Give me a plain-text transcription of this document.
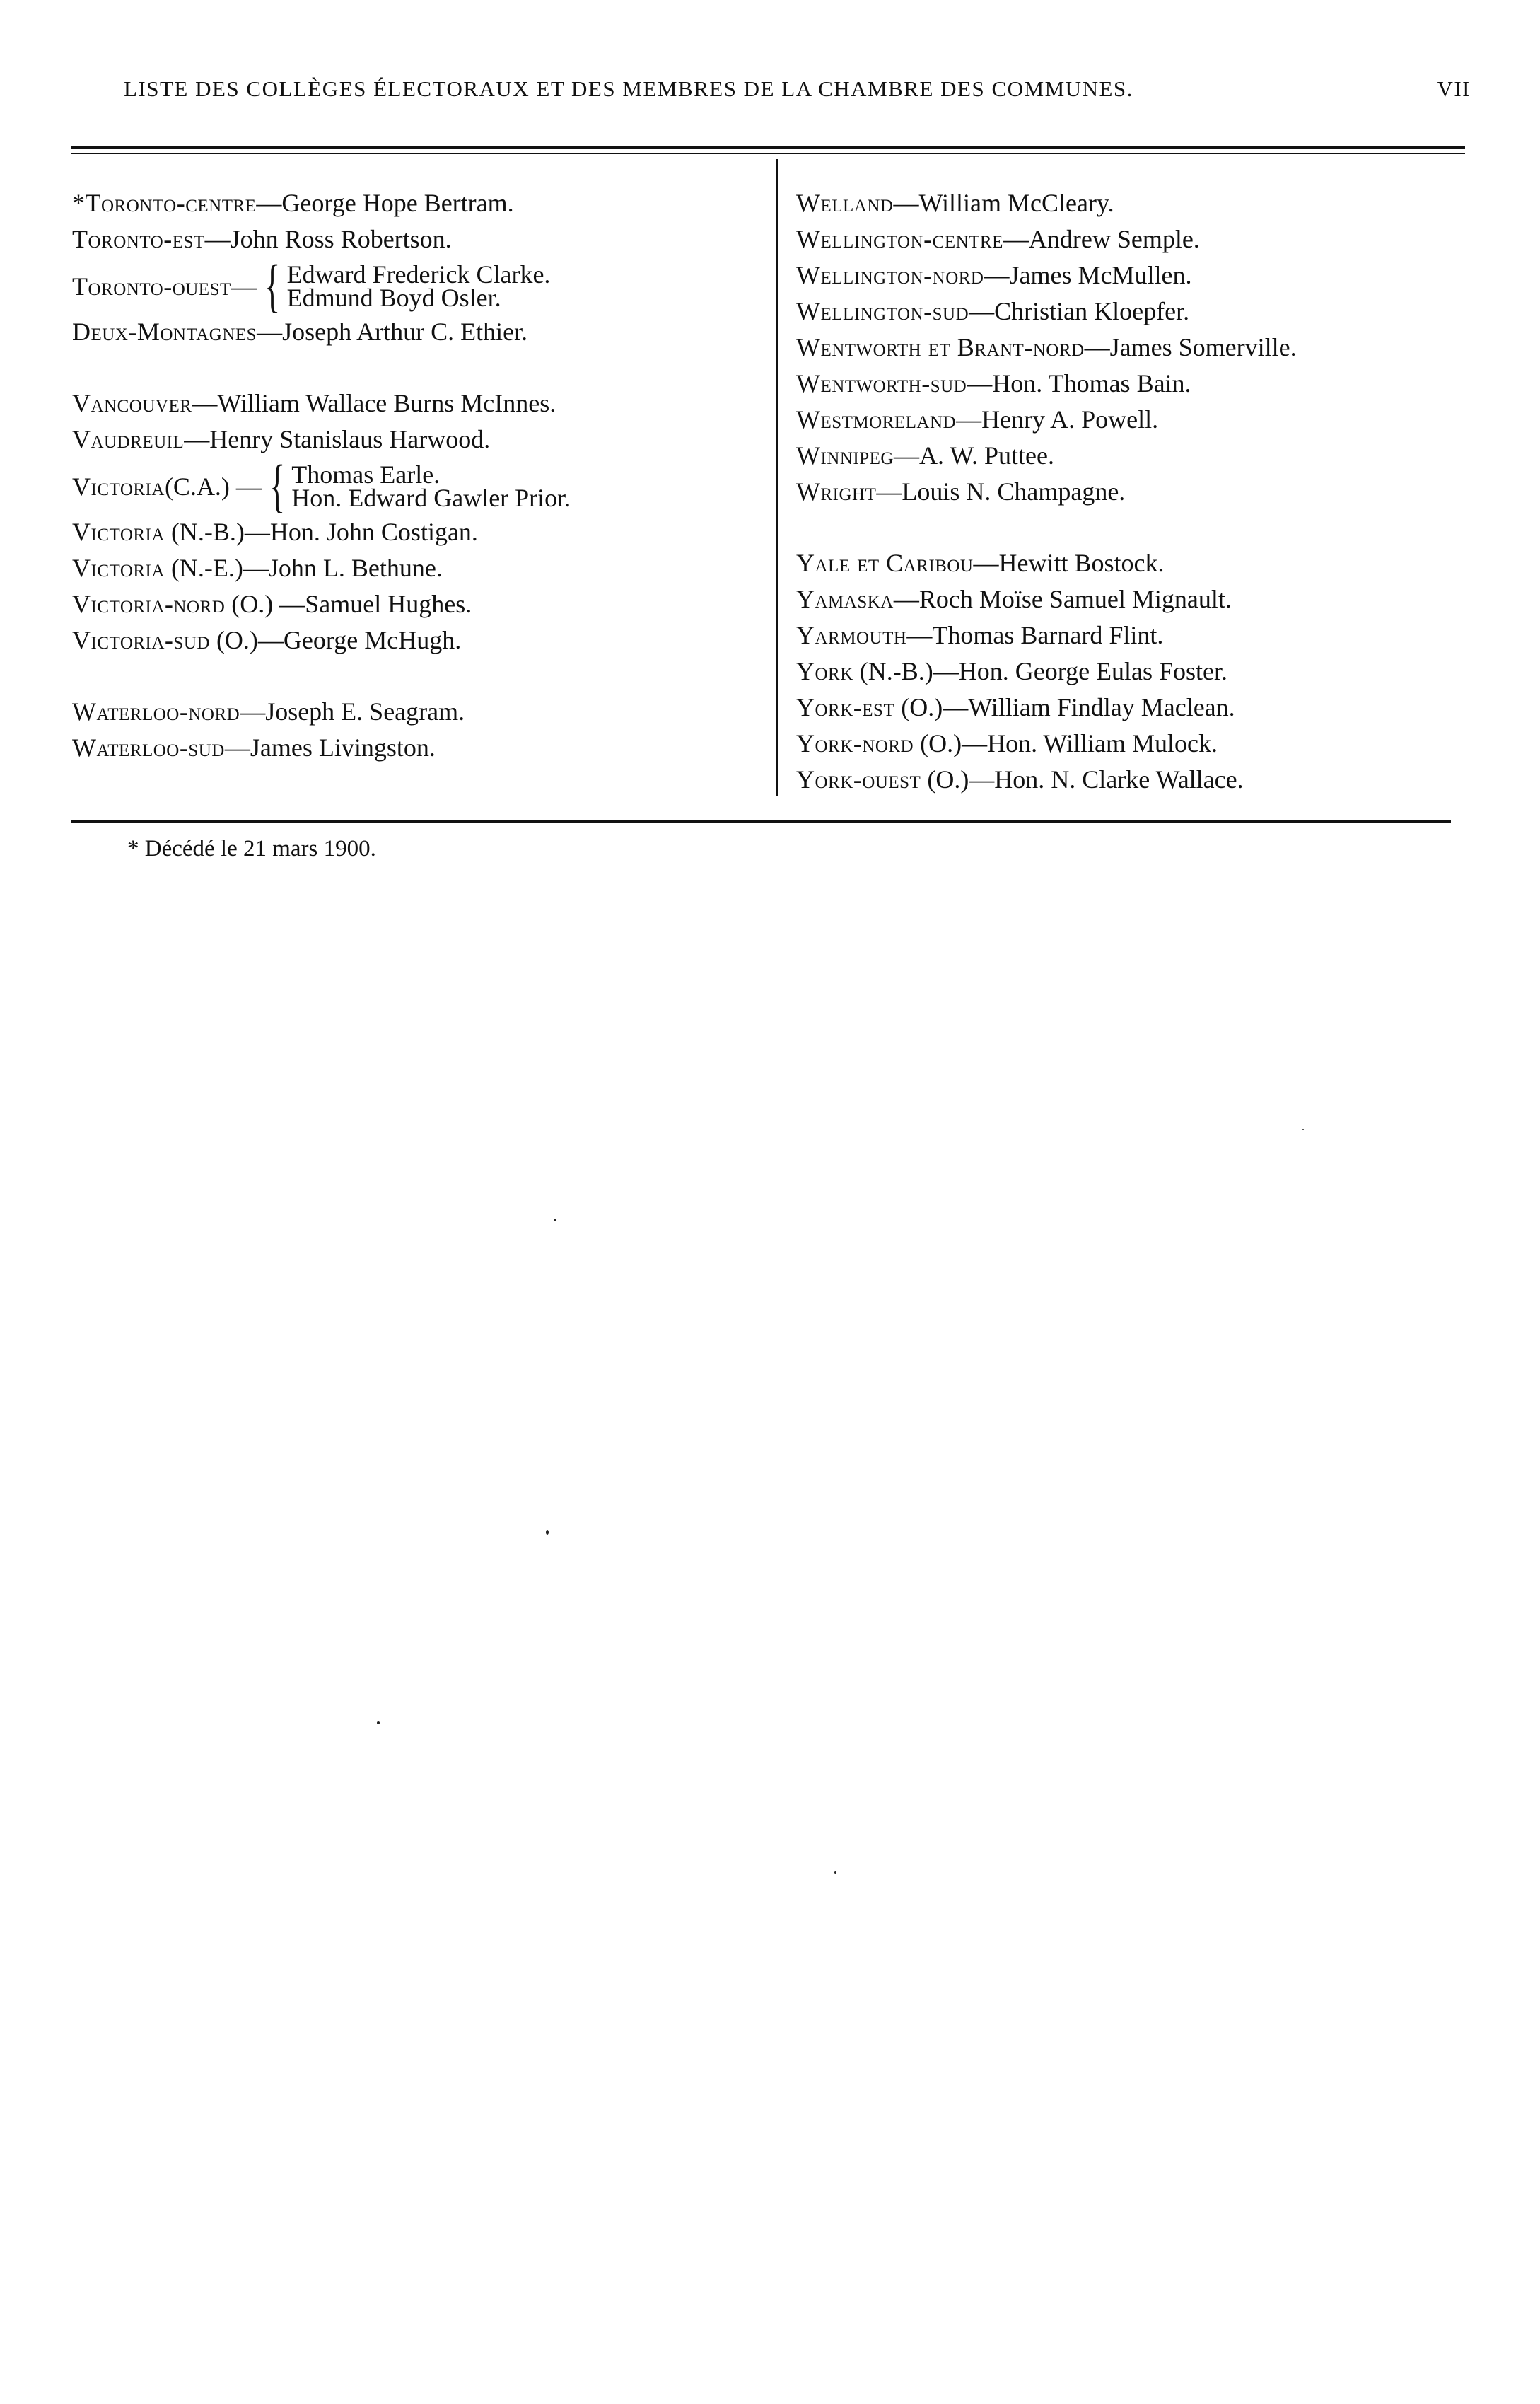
LISTE DES COLLÈGES ÉLECTORAUX ET DES MEMBRES DE LA CHAMBRE DES COMMUNES.	VII
*Toronto-centre—George Hope Bertram.
Toronto-est—John Ross Robertson.
Toronto-ouest— { Edward Frederick Clarke.
Edmund Boyd Osler.
Deux-Montagnes—Joseph Arthur C. Ethier.
Vancouver—William Wallace Burns McInnes.
Vaudreuil—Henry Stanislaus Harwood.
Victoria (C.A.) — { Thomas Earle.
Hon. Edward Gawler Prior.
Victoria (N.-B.)—Hon. John Costigan.
Victoria (N.-E.)—John L. Bethune.
Victoria-nord (O.) —Samuel Hughes.
Victoria-sud (O.)—George McHugh.
Waterloo-nord—Joseph E. Seagram.
Waterloo-sud—James Livingston.
Welland—William McCleary.
Wellington-centre—Andrew Semple.
Wellington-nord—James McMullen.
Wellington-sud—Christian Kloepfer.
Wentworth et Brant-nord—James Somerville.
Wentworth-sud—Hon. Thomas Bain.
Westmoreland—Henry A. Powell.
Winnipeg—A. W. Puttee.
Wright—Louis N. Champagne.
Yale et Caribou—Hewitt Bostock.
Yamaska—Roch Moïse Samuel Mignault.
Yarmouth—Thomas Barnard Flint.
York (N.-B.)—Hon. George Eulas Foster.
York-est (O.)—William Findlay Maclean.
York-nord (O.)—Hon. William Mulock.
York-ouest (O.)—Hon. N. Clarke Wallace.
* Décédé le 21 mars 1900.
